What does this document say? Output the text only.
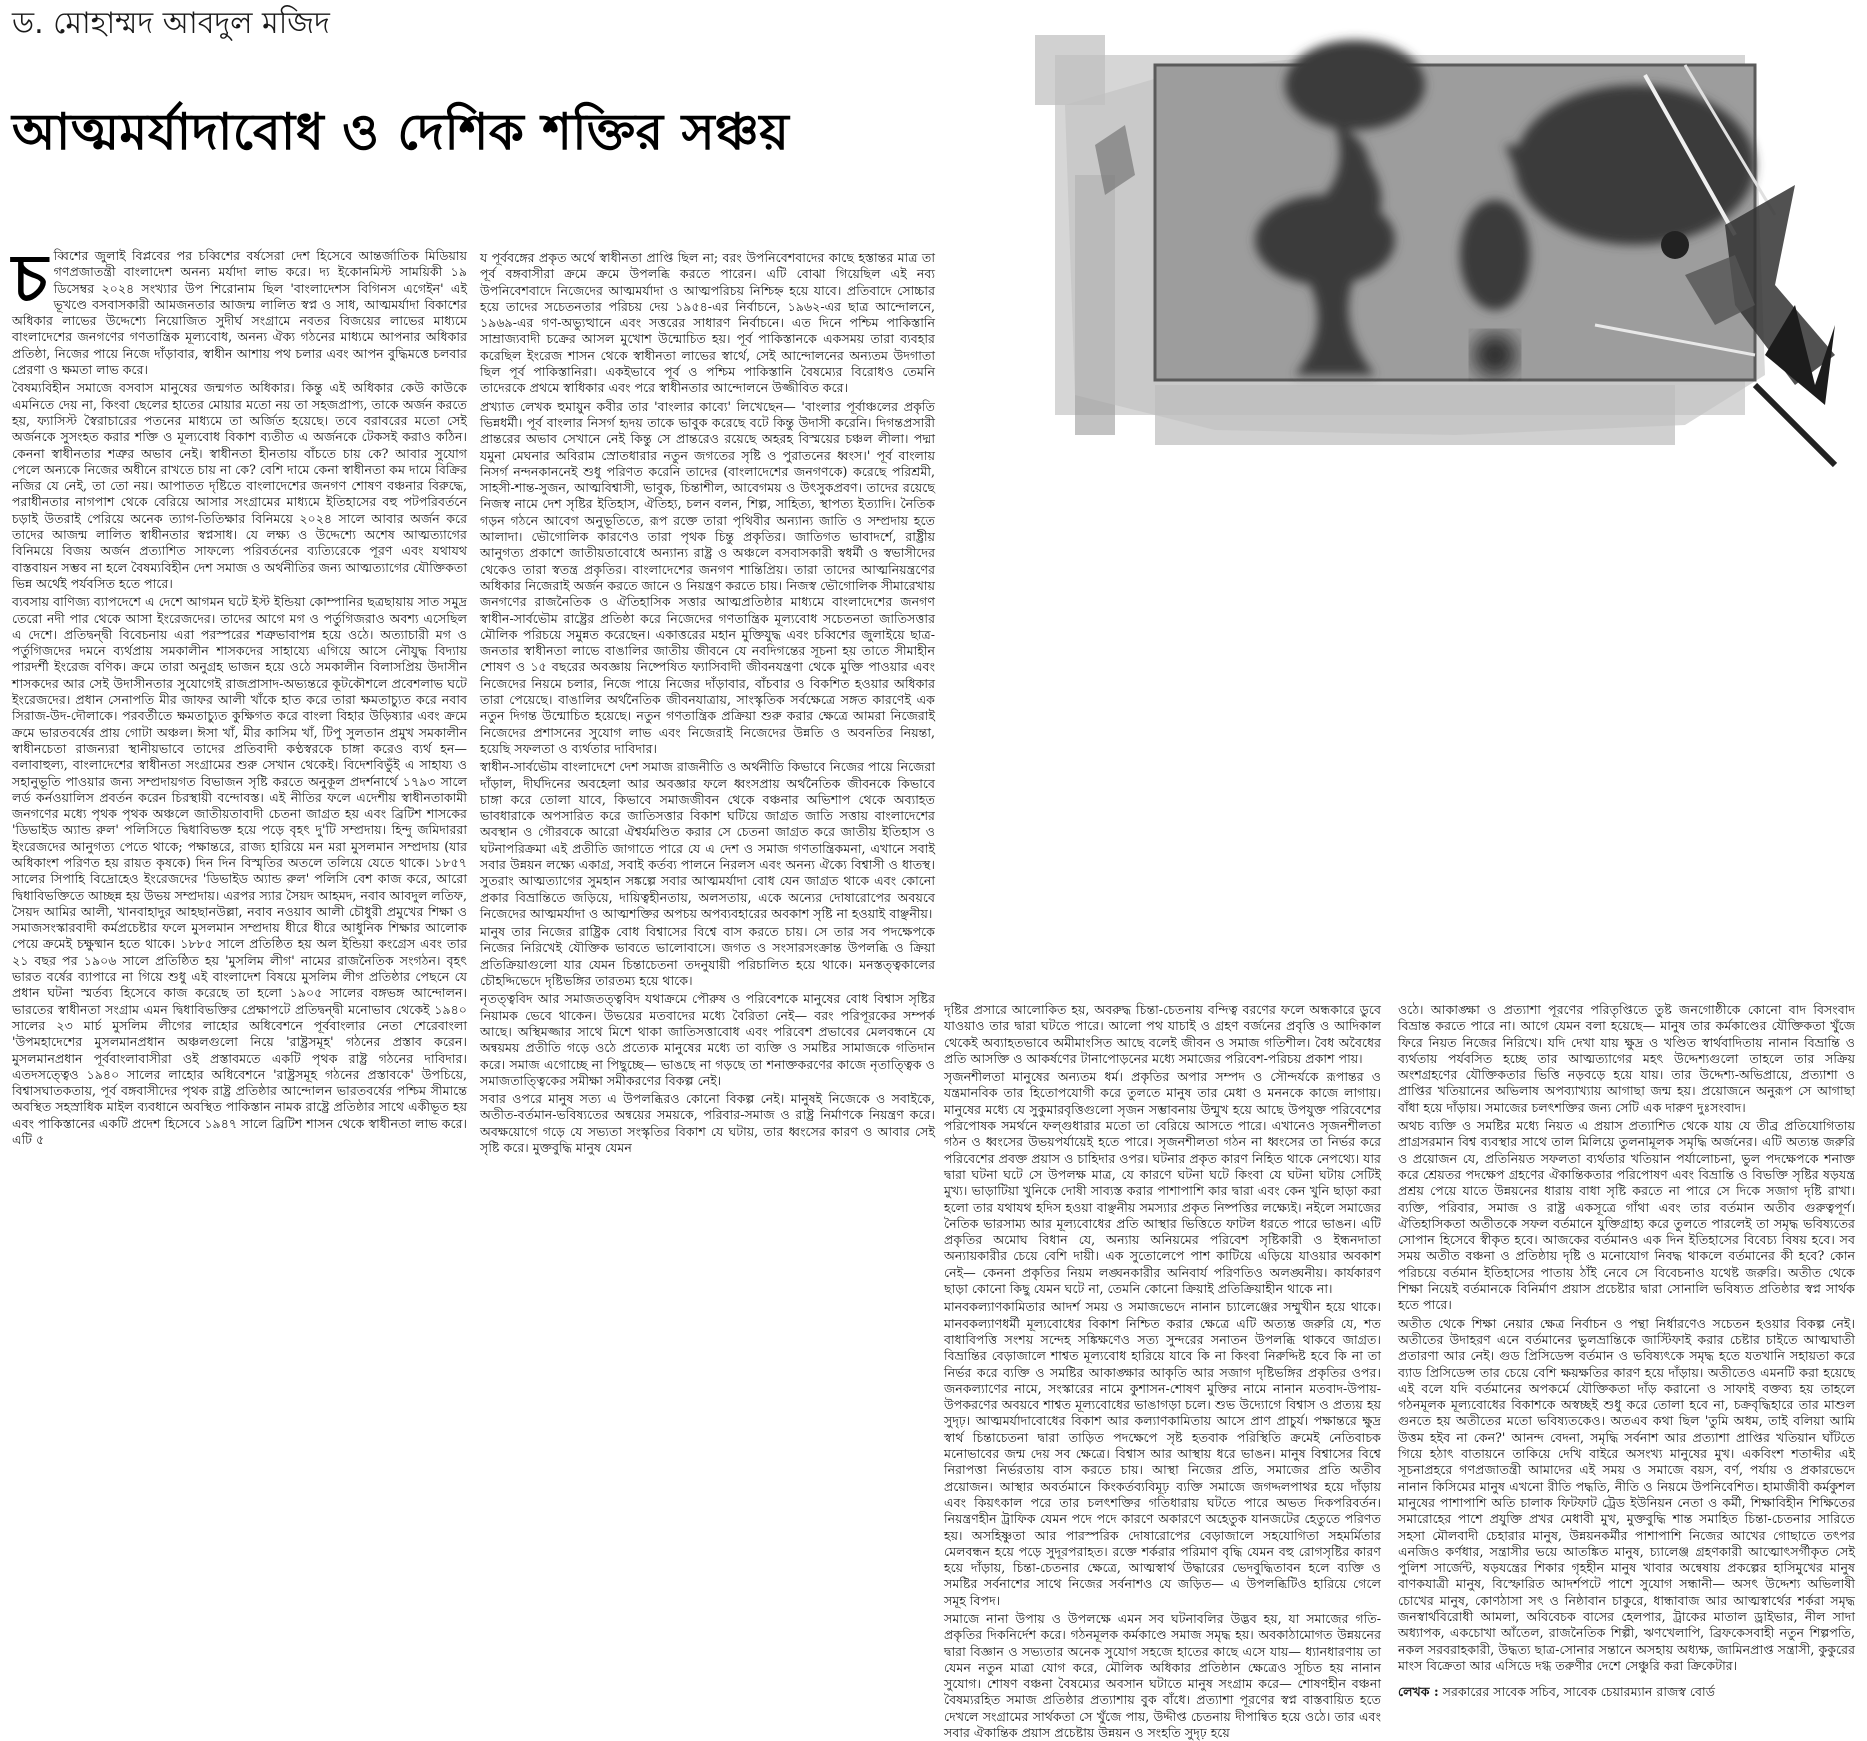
ড. মোহাম্মদ আবদুল মজিদ
আত্মমর্যাদাবোধ ও দেশিক শক্তির সঞ্চয়

চব্বিশের জুলাই বিপ্লবের পর চব্বিশের বর্ষসেরা দেশ হিসেবে আন্তর্জাতিক মিডিয়ায় গণপ্রজাতন্ত্রী বাংলাদেশ অনন্য মর্যাদা লাভ করে। দ্য ইকোনমিস্ট সাময়িকী ১৯ ডিসেম্বর ২০২৪ সংখ্যার উপ শিরোনাম ছিল 'বাংলাদেশস বিগিনস এগেইন' এই ভূখণ্ডে বসবাসকারী আমজনতার আজন্ম লালিত স্বপ্ন ও সাধ, আত্মমর্যাদা বিকাশের অধিকার লাভের উদ্দেশ্যে নিয়োজিত সুদীর্ঘ সংগ্রামে নবতর বিজয়ের লাভের মাধ্যমে বাংলাদেশের জনগণের গণতান্ত্রিক মূল্যবোধ, অনন্য ঐক্য গঠনের মাধ্যমে আপনার অধিকার প্রতিষ্ঠা, নিজের পায়ে নিজে দাঁড়াবার, স্বাধীন আশায় পথ চলার এবং আপন বুদ্ধিমত্তে চলবার প্রেরণা ও ক্ষমতা লাভ করে।

বৈষম্যবিহীন সমাজে বসবাস মানুষের জন্মগত অধিকার। কিন্তু এই অধিকার কেউ কাউকে এমনিতে দেয় না, কিংবা ছেলের হাতের মোয়ার মতো নয় তা সহজপ্রাপ্য, তাকে অর্জন করতে হয়, ফ্যাসিস্ট স্বৈরাচারের পতনের মাধ্যমে তা অর্জিত হয়েছে। তবে বরাবরের মতো সেই অর্জনকে সুসংহত করার শক্তি ও মূল্যবোধ বিকাশ ব্যতীত এ অর্জনকে টেকসই করাও কঠিন। কেননা স্বাধীনতার শত্রুর অভাব নেই। স্বাধীনতা হীনতায় বাঁচতে চায় কে? আবার সুযোগ পেলে অন্যকে নিজের অধীনে রাখতে চায় না কে? বেশি দামে কেনা স্বাধীনতা কম দামে বিক্রির নজির যে নেই, তা তো নয়। আপাতত দৃষ্টিতে বাংলাদেশের জনগণ শোষণ বঞ্চনার বিরুদ্ধে, পরাধীনতার নাগপাশ থেকে বেরিয়ে আসার সংগ্রামের মাধ্যমে ইতিহাসের বহু পটপরিবর্তনে চড়াই উতরাই পেরিয়ে অনেক ত্যাগ-তিতিক্ষার বিনিময়ে ২০২৪ সালে আবার অর্জন করে তাদের আজন্ম লালিত স্বাধীনতার স্বপ্নসাধ। যে লক্ষ্য ও উদ্দেশ্যে অশেষ আত্মত্যাগের বিনিময়ে বিজয় অর্জন প্রত্যাশিত সাফল্যে পরিবর্তনের ব্যত্যিরেকে পূরণ এবং যথাযথ বাস্তবায়ন সম্ভব না হলে বৈষম্যবিহীন দেশ সমাজ ও অর্থনীতির জন্য আত্মত্যাগের যৌক্তিকতা ভিন্ন অর্থেই পর্যবসিত হতে পারে।

ব্যবসায় বাণিজ্য ব্যাপদেশে এ দেশে আগমন ঘটে ইস্ট ইন্ডিয়া কোম্পানির ছত্রছায়ায় সাত সমুদ্র তেরো নদী পার থেকে আসা ইংরেজদের। তাদের আগে মগ ও পর্তুগিজরাও অবশ্য এসেছিল এ দেশে। প্রতিদ্বন্দ্বী বিবেচনায় এরা পরস্পরের শত্রুভাবাপন্ন হয়ে ওঠে। অত্যাচারী মগ ও পর্তুগিজদের দমনে ব্যর্থপ্রায় সমকালীন শাসকদের সাহায্যে এগিয়ে আসে নৌযুদ্ধ বিদ্যায় পারদর্শী ইংরেজ বণিক। ক্রমে তারা অনুগ্রহ ভাজন হয়ে ওঠে সমকালীন বিলাসপ্রিয় উদাসীন শাসকদের আর সেই উদাসীনতার সুযোগেই রাজপ্রাসাদ-অভ্যন্তরে কূটকৌশলে প্রবেশলাভ ঘটে ইংরেজদের। প্রধান সেনাপতি মীর জাফর আলী খাঁকে হাত করে তারা ক্ষমতাচ্যুত করে নবাব সিরাজ-উদ-দৌলাকে। পরবর্তীতে ক্ষমতাচ্যুত কুক্ষিগত করে বাংলা বিহার উড়িষ্যার এবং ক্রমে ক্রমে ভারতবর্ষের প্রায় গোটা অঞ্চল। ঈসা খাঁ, মীর কাসিম খাঁ, টিপু সুলতান প্রমুখ সমকালীন স্বাধীনচেতা রাজন্যরা স্থানীয়ভাবে তাদের প্রতিবাদী কণ্ঠস্বরকে চাঙ্গা করেও ব্যর্থ হন— বলাবাহুল্য, বাংলাদেশের স্বাধীনতা সংগ্রামের শুরু সেখান থেকেই। বিদেশবিভুঁই এ সাহায্য ও সহানুভূতি পাওয়ার জন্য সম্প্রদায়গত বিভাজন সৃষ্টি করতে অনুকূল প্রদর্শনার্থে ১৭৯৩ সালে লর্ড কর্নওয়ালিস প্রবর্তন করেন চিরস্থায়ী বন্দোবস্ত। এই নীতির ফলে এদেশীয় স্বাধীনতাকামী জনগণের মধ্যে পৃথক পৃথক অঞ্চলে জাতীয়তাবাদী চেতনা জাগ্রত হয় এবং ব্রিটিশ শাসকের 'ডিভাইড অ্যান্ড রুল' পলিসিতে দ্বিধাবিভক্ত হয়ে পড়ে বৃহৎ দু'টি সম্প্রদায়। হিন্দু জমিদাররা ইংরেজদের আনুগত্য পেতে থাকে; পক্ষান্তরে, রাজ্য হারিয়ে মন মরা মুসলমান সম্প্রদায় (যার অধিকাংশ পরিণত হয় রায়ত কৃষকে) দিন দিন বিস্মৃতির অতলে তলিয়ে যেতে থাকে। ১৮৫৭ সালের সিপাহি বিদ্রোহেও ইংরেজদের 'ডিভাইড অ্যান্ড রুল' পলিসি বেশ কাজ করে, আরো দ্বিধাবিভক্তিতে আচ্ছন্ন হয় উভয় সম্প্রদায়। এরপর স্যার সৈয়দ আহমদ, নবাব আবদুল লতিফ, সৈয়দ আমির আলী, খানবাহাদুর আহছানউল্লা, নবাব নওয়াব আলী চৌধুরী প্রমুখের শিক্ষা ও সমাজসংস্কারবাদী কর্মপ্রচেষ্টার ফলে মুসলমান সম্প্রদায় ধীরে ধীরে আধুনিক শিক্ষার আলোক পেয়ে ক্রমেই চক্ষুষ্মান হতে থাকে। ১৮৮৫ সালে প্রতিষ্ঠিত হয় অল ইন্ডিয়া কংগ্রেস এবং তার ২১ বছর পর ১৯০৬ সালে প্রতিষ্ঠিত হয় 'মুসলিম লীগ' নামের রাজনৈতিক সংগঠন। বৃহৎ ভারত বর্ষের ব্যাপারে না গিয়ে শুধু এই বাংলাদেশ বিষয়ে মুসলিম লীগ প্রতিষ্ঠার পেছনে যে প্রধান ঘটনা স্মর্তব্য হিসেবে কাজ করেছে তা হলো ১৯০৫ সালের বঙ্গভঙ্গ আন্দোলন। ভারতের স্বাধীনতা সংগ্রাম এমন দ্বিধাবিভক্তির প্রেক্ষাপটে প্রতিদ্বন্দ্বী মনোভাব থেকেই ১৯৪০ সালের ২৩ মার্চ মুসলিম লীগের লাহোর অধিবেশনে পূর্ববাংলার নেতা শেরেবাংলা 'উপমহাদেশের মুসলমানপ্রধান অঞ্চলগুলো নিয়ে 'রাষ্ট্রসমূহ' গঠনের প্রস্তাব করেন। মুসলমানপ্রধান পূর্ববাংলাবাসীরা ওই প্রস্তাবমতে একটি পৃথক রাষ্ট্র গঠনের দাবিদার। এতদসত্ত্বেও ১৯৪০ সালের লাহোর অধিবেশনে 'রাষ্ট্রসমূহ গঠনের প্রস্তাবকে' উপচিয়ে, বিশ্বাসঘাতকতায়, পূর্ব বঙ্গবাসীদের পৃথক রাষ্ট্র প্রতিষ্ঠার আন্দোলন ভারতবর্ষের পশ্চিম সীমান্তে অবস্থিত সহস্রাধিক মাইল ব্যবধানে অবস্থিত পাকিস্তান নামক রাষ্ট্রে প্রতিষ্ঠার সাথে একীভূত হয় এবং পাকিস্তানের একটি প্রদেশ হিসেবে ১৯৪৭ সালে ব্রিটিশ শাসন থেকে স্বাধীনতা লাভ করে। এটি ৫

য পূর্ববঙ্গের প্রকৃত অর্থে স্বাধীনতা প্রাপ্তি ছিল না; বরং উপনিবেশবাদের কাছে হস্তান্তর মাত্র তা পূর্ব বঙ্গবাসীরা ক্রমে ক্রমে উপলব্ধি করতে পারেন। এটি বোঝা গিয়েছিল এই নব্য উপনিবেশবাদে নিজেদের আত্মমর্যাদা ও আত্মপরিচয় নিশ্চিহ্ন হয়ে যাবে। প্রতিবাদে সোচ্চার হয়ে তাদের সচেতনতার পরিচয় দেয় ১৯৫৪-এর নির্বাচনে, ১৯৬২-এর ছাত্র আন্দোলনে, ১৯৬৯-এর গণ-অভ্যুত্থানে এবং সত্তরের সাধারণ নির্বাচনে। এত দিনে পশ্চিম পাকিস্তানি সাম্রাজ্যবাদী চক্রের আসল মুখোশ উন্মোচিত হয়। পূর্ব পাকিস্তানকে একসময় তারা ব্যবহার করেছিল ইংরেজ শাসন থেকে স্বাধীনতা লাভের স্বার্থে, সেই আন্দোলনের অন্যতম উদগাতা ছিল পূর্ব পাকিস্তানিরা। একইভাবে পূর্ব ও পশ্চিম পাকিস্তানি বৈষম্যের বিরোধও তেমনি তাদেরকে প্রথমে স্বাধিকার এবং পরে স্বাধীনতার আন্দোলনে উজ্জীবিত করে।

প্রখ্যাত লেখক হুমায়ুন কবীর তার 'বাংলার কাব্যে' লিখেছেন— 'বাংলার পূর্বাঞ্চলের প্রকৃতি ভিন্নধর্মী। পূর্ব বাংলার নিসর্গ হৃদয় তাকে ভাবুক করেছে বটে কিন্তু উদাসী করেনি। দিগন্তপ্রসারী প্রান্তরের অভাব সেখানে নেই কিন্তু সে প্রান্তরেও রয়েছে অহরহ বিস্ময়ের চঞ্চল লীলা। পদ্মা যমুনা মেঘনার অবিরাম স্রোতধারার নতুন জগতের সৃষ্টি ও পুরাতনের ধ্বংস।' পূর্ব বাংলায় নিসর্গ নন্দনকাননেই শুধু পরিণত করেনি তাদের (বাংলাদেশের জনগণকে) করেছে পরিশ্রমী, সাহসী-শান্ত-সুজন, আত্মবিশ্বাসী, ভাবুক, চিন্তাশীল, আবেগময় ও উৎসুকপ্রবণ। তাদের রয়েছে নিজস্ব নামে দেশ সৃষ্টির ইতিহাস, ঐতিহ্য, চলন বলন, শিল্প, সাহিত্য, স্থাপত্য ইত্যাদি। নৈতিক গড়ন গঠনে আবেগ অনুভূতিতে, রূপ রক্তে তারা পৃথিবীর অন্যান্য জাতি ও সম্প্রদায় হতে আলাদা। ভৌগোলিক কারণেও তারা পৃথক চিন্তু প্রকৃতির। জাতিগত ভাবাদর্শে, রাষ্ট্রীয় আনুগত্য প্রকাশে জাতীয়তাবোধে অন্যান্য রাষ্ট্র ও অঞ্চলে বসবাসকারী স্বধর্মী ও স্বভাসীদের থেকেও তারা স্বতন্ত্র প্রকৃতির। বাংলাদেশের জনগণ শান্তিপ্রিয়। তারা তাদের আত্মনিয়ন্ত্রণের অধিকার নিজেরাই অর্জন করতে জানে ও নিয়ন্ত্রণ করতে চায়। নিজস্ব ভৌগোলিক সীমারেখায় জনগণের রাজনৈতিক ও ঐতিহাসিক সত্তার আত্মপ্রতিষ্ঠার মাধ্যমে বাংলাদেশের জনগণ স্বাধীন-সার্বভৌম রাষ্ট্রের প্রতিষ্ঠা করে নিজেদের গণতান্ত্রিক মূল্যবোধ সচেতনতা জাতিসত্তার মৌলিক পরিচয়ে সমুন্নত করেছেন। একাত্তরের মহান মুক্তিযুদ্ধ এবং চব্বিশের জুলাইয়ে ছাত্র-জনতার স্বাধীনতা লাভে বাঙালির জাতীয় জীবনে যে নবদিগন্তের সূচনা হয় তাতে সীমাহীন শোষণ ও ১৫ বছরের অবজ্ঞায় নিষ্পেষিত ফ্যাসিবাদী জীবনযন্ত্রণা থেকে মুক্তি পাওয়ার এবং নিজেদের নিয়মে চলার, নিজে পায়ে নিজের দাঁড়াবার, বাঁচবার ও বিকশিত হওয়ার অধিকার তারা পেয়েছে। বাঙালির অর্থনৈতিক জীবনযাত্রায়, সাংস্কৃতিক সর্বক্ষেত্রে সঙ্গত কারণেই এক নতুন দিগন্ত উন্মোচিত হয়েছে। নতুন গণতান্ত্রিক প্রক্রিয়া শুরু করার ক্ষেত্রে আমরা নিজেরাই নিজেদের প্রশাসনের সুযোগ লাভ এবং নিজেরাই নিজেদের উন্নতি ও অবনতির নিয়ন্তা, হয়েছি সফলতা ও ব্যর্থতার দাবিদার।

স্বাধীন-সার্বভৌম বাংলাদেশে দেশ সমাজ রাজনীতি ও অর্থনীতি কিভাবে নিজের পায়ে নিজেরা দাঁড়াল, দীর্ঘদিনের অবহেলা আর অবজ্ঞার ফলে ধ্বংসপ্রায় অর্থনৈতিক জীবনকে কিভাবে চাঙ্গা করে তোলা যাবে, কিভাবে সমাজজীবন থেকে বঞ্চনার অভিশাপ থেকে অব্যাহত ভাবধারাকে অপসারিত করে জাতিসত্তার বিকাশ ঘটিয়ে জাগ্রত জাতি সত্তায় বাংলাদেশের অবস্থান ও গৌরবকে আরো ঐশ্বর্যমণ্ডিত করার সে চেতনা জাগ্রত করে জাতীয় ইতিহাস ও ঘটনাপরিক্রমা এই প্রতীতি জাগাতে পারে যে এ দেশ ও সমাজ গণতান্ত্রিকমনা, এখানে সবাই সবার উন্নয়ন লক্ষ্যে একাগ্র, সবাই কর্তব্য পালনে নিরলস এবং অনন্য ঐক্যে বিশ্বাসী ও ধাতস্থ। সুতরাং আত্মত্যাগের সুমহান সঙ্কল্পে সবার আত্মমর্যাদা বোধ যেন জাগ্রত থাকে এবং কোনো প্রকার বিভ্রান্তিতে জড়িয়ে, দায়িত্বহীনতায়, অলসতায়, একে অন্যের দোষারোপের অবয়বে নিজেদের আত্মমর্যাদা ও আত্মশক্তির অপচয় অপব্যবহারের অবকাশ সৃষ্টি না হওয়াই বাঞ্ছনীয়।

মানুষ তার নিজের রাষ্ট্রিক বোধ বিশ্বাসের বিশ্বে বাস করতে চায়। সে তার সব পদক্ষেপকে নিজের নিরিখেই যৌক্তিক ভাবতে ভালোবাসে। জগত ও সংসারসংক্রান্ত উপলব্ধি ও ক্রিয়া প্রতিক্রিয়াগুলো যার যেমন চিন্তাচেতনা তদনুযায়ী পরিচালিত হয়ে থাকে। মনস্তত্ত্বকালের চৌহদ্দিভেদে দৃষ্টিভঙ্গির তারতম্য হয়ে থাকে।

নৃতত্ত্ববিদ আর সমাজতত্ত্ববিদ যথাক্রমে পৌরুষ ও পরিবেশকে মানুষের বোধ বিশ্বাস সৃষ্টির নিয়ামক ভেবে থাকেন। উভয়ের মতবাদের মধ্যে বৈরিতা নেই— বরং পরিপূরকের সম্পর্ক আছে। অস্থিমজ্জার সাথে মিশে থাকা জাতিসত্তাবোধ এবং পরিবেশ প্রভাবের মেলবন্ধনে যে অন্বয়ময় প্রতীতি গড়ে ওঠে প্রত্যেক মানুষের মধ্যে তা ব্যক্তি ও সমষ্টির সামাজকে গতিদান করে। সমাজ এগোচ্ছে না পিছুচ্ছে— ভাঙছে না গড়ছে তা শনাক্তকরণের কাজে নৃতাত্ত্বিক ও সমাজতাত্ত্বিকের সমীক্ষা সমীকরণের বিকল্প নেই।

সবার ওপরে মানুষ সত্য এ উপলব্ধিরও কোনো বিকল্প নেই। মানুষই নিজেকে ও সবাইকে, অতীত-বর্তমান-ভবিষ্যতের অন্বয়ের সময়কে, পরিবার-সমাজ ও রাষ্ট্র নির্মাণকে নিয়ন্ত্রণ করে। অবক্ষয়োগে গড়ে যে সভ্যতা সংস্কৃতির বিকাশ যে ঘটায়, তার ধ্বংসের কারণ ও আবার সেই সৃষ্টি করে। মুক্তবুদ্ধি মানুষ যেমন

দৃষ্টির প্রসারে আলোকিত হয়, অবরুদ্ধ চিন্তা-চেতনায় বন্দিত্ব বরণের ফলে অন্ধকারে ডুবে যাওয়াও তার দ্বারা ঘটতে পারে। আলো পথ যাচাই ও গ্রহণ বর্জনের প্রবৃত্তি ও আদিকাল থেকেই অব্যাহতভাবে অমীমাংসিত আছে বলেই জীবন ও সমাজ গতিশীল। বৈধ অবৈধের প্রতি আসক্তি ও আকর্ষণের টানাপোড়নের মধ্যে সমাজের পরিবেশ-পরিচয় প্রকাশ পায়।

সৃজনশীলতা মানুষের অন্যতম ধর্ম। প্রকৃতির অপার সম্পদ ও সৌন্দর্যকে রূপান্তর ও যন্ত্রমানবিক তার হিতোপযোগী করে তুলতে মানুষ তার মেধা ও মননকে কাজে লাগায়। মানুষের মধ্যে যে সুকুমারবৃত্তিগুলো সৃজন সম্ভাবনায় উন্মুখ হয়ে আছে উপযুক্ত পরিবেশের পরিপোষক সমর্থনে ফল্গুধারার মতো তা বেরিয়ে আসতে পারে। এখানেও সৃজনশীলতা গঠন ও ধ্বংসের উভয়পর্যায়েই হতে পারে। সৃজনশীলতা গঠন না ধ্বংসের তা নির্ভর করে পরিবেশের প্রবক্ত প্রয়াস ও চাহিদার ওপর। ঘটনার প্রকৃত কারণ নিহিত থাকে নেপথ্যে। যার দ্বারা ঘটনা ঘটে সে উপলক্ষ মাত্র, যে কারণে ঘটনা ঘটে কিংবা যে ঘটনা ঘটায় সেটিই মুখ্য। ভাড়াটিয়া খুনিকে দোষী সাব্যস্ত করার পাশাপাশি কার দ্বারা এবং কেন খুনি ছাড়া করা হলো তার যথাযথ হদিস হওয়া বাঞ্ছনীয় সমস্যার প্রকৃত নিষ্পত্তির লক্ষ্যেই। নইলে সমাজের নৈতিক ভারসাম্য আর মূল্যবোধের প্রতি আস্থার ভিত্তিতে ফাটল ধরতে পারে ভাঙন। এটি প্রকৃতির অমোঘ বিধান যে, অন্যায় অনিয়মের পরিবেশ সৃষ্টিকারী ও ইন্ধনদাতা অন্যায়কারীর চেয়ে বেশি দায়ী। এক সুতোলেপে পাশ কাটিয়ে এড়িয়ে যাওয়ার অবকাশ নেই— কেননা প্রকৃতির নিয়ম লঙ্ঘনকারীর অনিবার্য পরিণতিও অলঙ্ঘনীয়। কার্যকারণ ছাড়া কোনো কিছু যেমন ঘটে না, তেমনি কোনো ক্রিয়াই প্রতিক্রিয়াহীন থাকে না।

মানবকল্যাণকামিতার আদর্শ সময় ও সমাজভেদে নানান চ্যালেঞ্জের সম্মুখীন হয়ে থাকে। মানবকল্যাণধর্মী মূল্যবোধের বিকাশ নিশ্চিত করার ক্ষেত্রে এটি অত্যন্ত জরুরি যে, শত বাধাবিপত্তি সংশয় সন্দেহ সঙ্কিক্ষণেও সত্য সুন্দরের সনাতন উপলব্ধি থাকবে জাগ্রত। বিভ্রান্তির বেড়াজালে শাশ্বত মূল্যবোধ হারিয়ে যাবে কি না কিংবা নিরুদ্দিষ্ট হবে কি না তা নির্ভর করে ব্যক্তি ও সমষ্টির আকাঙ্ক্ষার আকৃতি আর সজাগ দৃষ্টিভঙ্গির প্রকৃতির ওপর। জনকল্যাণের নামে, সংস্কারের নামে কুশাসন-শোষণ মুক্তির নামে নানান মতবাদ-উপায়-উপকরণের অবয়বে শাশ্বত মূল্যবোধের ভাঙাগড়া চলে। শুভ উদ্যোগে বিশ্বাস ও প্রত্যয় হয় সুদৃঢ়। আত্মমর্যাদাবোধের বিকাশ আর কল্যাণকামিতায় আসে প্রাণ প্রাচুর্য। পক্ষান্তরে ক্ষুদ্র স্বার্থ চিন্তাচেতনা দ্বারা তাড়িত পদক্ষেপে সৃষ্ট হতবাক পরিস্থিতি ক্রমেই নেতিবাচক মনোভাবের জন্ম দেয় সব ক্ষেত্রে। বিশ্বাস আর আস্থায় ধরে ভাঙন। মানুষ বিশ্বাসের বিশ্বে নিরাপত্তা নির্ভরতায় বাস করতে চায়। আস্থা নিজের প্রতি, সমাজের প্রতি অতীব প্রয়োজন। আস্থার অবর্তমানে কিংকর্তব্যবিমূঢ় ব্যক্তি সমাজে জগদ্দলপাথর হয়ে দাঁড়ায় এবং কিয়ৎকাল পরে তার চলৎশক্তির গতিধারায় ঘটতে পারে অভত দিকপরিবর্তন। নিয়ন্ত্রণহীন ট্রাফিক যেমন পদে পদে কারণে অকারণে অহেতুক যানজটের হেতুতে পরিণত হয়। অসহিষ্ণুতা আর পারস্পরিক দোষারোপের বেড়াজালে সহযোগিতা সহমর্মিতার মেলবন্ধন হয়ে পড়ে সুদূরপরাহত। রক্তে শর্করার পরিমাণ বৃদ্ধি যেমন বহু রোগসৃষ্টির কারণ হয়ে দাঁড়ায়, চিন্তা-চেতনার ক্ষেত্রে, আত্মস্বার্থ উদ্ধারের ভেদবুদ্ধিতাবন হলে ব্যক্তি ও সমষ্টির সর্বনাশের সাথে নিজের সর্বনাশও যে জড়িত— এ উপলব্ধিটিও হারিয়ে গেলে সমূহ বিপদ।

সমাজে নানা উপায় ও উপলক্ষে এমন সব ঘটনাবলির উদ্ভব হয়, যা সমাজের গতি-প্রকৃতির দিকনির্দেশ করে। গঠনমূলক কর্মকাণ্ডে সমাজ সমৃদ্ধ হয়। অবকাঠামোগত উন্নয়নের দ্বারা বিজ্ঞান ও সভ্যতার অনেক সুযোগ সহজে হাতের কাছে এসে যায়— ধ্যানধারণায় তা যেমন নতুন মাত্রা যোগ করে, মৌলিক অধিকার প্রতিষ্ঠান ক্ষেত্রেও সূচিত হয় নানান সুযোগ। শোষণ বঞ্চনা বৈষম্যের অবসান ঘটাতে মানুষ সংগ্রাম করে— শোষণহীন বঞ্চনা বৈষম্যরহিত সমাজ প্রতিষ্ঠার প্রত্যাশায় বুক বাঁধে। প্রত্যাশা পূরণের স্বপ্ন বাস্তবায়িত হতে দেখলে সংগ্রামের সার্থকতা সে খুঁজে পায়, উদ্দীপ্ত চেতনায় দীপান্বিত হয়ে ওঠে। তার এবং সবার ঐকান্তিক প্রয়াস প্রচেষ্টায় উন্নয়ন ও সংহতি সুদৃঢ় হয়ে

ওঠে। আকাঙ্ক্ষা ও প্রত্যাশা পূরণের পরিতৃপ্তিতে তুষ্ট জনগোষ্ঠীকে কোনো বাদ বিসংবাদ বিভ্রান্ত করতে পারে না। আগে যেমন বলা হয়েছে— মানুষ তার কর্মকাণ্ডের যৌক্তিকতা খুঁজে ফিরে নিয়ত নিজের নিরিখে। যদি দেখা যায় ক্ষুদ্র ও খণ্ডিত স্বার্থবাদিতায় নানান বিভ্রান্তি ও ব্যর্থতায় পর্যবসিত হচ্ছে তার আত্মত্যাগের মহৎ উদ্দেশ্যগুলো তাহলে তার সক্রিয় অংশগ্রহণের যৌক্তিকতার ভিত্তি নড়বড়ে হয়ে যায়। তার উদ্দেশ্য-অভিপ্রায়ে, প্রত্যাশা ও প্রাপ্তির খতিয়ানের অভিলাষ অপব্যাখ্যায় আগাছা জন্ম হয়। প্রয়োজনে অনুরূপ সে আগাছা বাঁধা হয়ে দাঁড়ায়। সমাজের চলৎশক্তির জন্য সেটি এক দারুণ দুঃসংবাদ।

অথচ ব্যক্তি ও সমষ্টির মধ্যে নিয়ত এ প্রয়াস প্রত্যাশিত থেকে যায় যে তীব্র প্রতিযোগিতায় প্রাগ্রসরমান বিশ্ব ব্যবস্থার সাথে তাল মিলিয়ে তুলনামূলক সমৃদ্ধি অর্জনের। এটি অত্যন্ত জরুরি ও প্রয়োজন যে, প্রতিনিয়ত সফলতা ব্যর্থতার খতিয়ান পর্যালোচনা, ভুল পদক্ষেপকে শনাক্ত করে শ্রেয়তর পদক্ষেপ গ্রহণের ঐকান্তিকতার পরিপোষণ এবং বিভ্রান্তি ও বিভক্তি সৃষ্টির ষড়যন্ত্র প্রশ্রয় পেয়ে যাতে উন্নয়নের ধারায় বাধা সৃষ্টি করতে না পারে সে দিকে সজাগ দৃষ্টি রাখা। ব্যক্তি, পরিবার, সমাজ ও রাষ্ট্র একসূত্রে গাঁথা এবং তার বর্তমান অতীব গুরুত্বপূর্ণ। ঐতিহাসিকতা অতীতকে সফল বর্তমানে যুক্তিগ্রাহ্য করে তুলতে পারলেই তা সমৃদ্ধ ভবিষ্যতের সোপান হিসেবে স্বীকৃত হবে। আজকের বর্তমানও এক দিন ইতিহাসের বিবেচ্য বিষয় হবে। সব সময় অতীত বঞ্চনা ও প্রতিষ্ঠায় দৃষ্টি ও মনোযোগ নিবদ্ধ থাকলে বর্তমানের কী হবে? কোন পরিচয়ে বর্তমান ইতিহাসের পাতায় ঠাঁই নেবে সে বিবেচনাও যথেষ্ট জরুরি। অতীত থেকে শিক্ষা নিয়েই বর্তমানকে বিনির্মাণ প্রয়াস প্রচেষ্টার দ্বারা সোনালি ভবিষ্যত প্রতিষ্ঠার স্বপ্ন সার্থক হতে পারে।

অতীত থেকে শিক্ষা নেয়ার ক্ষেত্র নির্বাচন ও পন্থা নির্ধারণেও সচেতন হওয়ার বিকল্প নেই। অতীতের উদাহরণ এনে বর্তমানের ভুলভ্রান্তিকে জাস্টিফাই করার চেষ্টার চাইতে আত্মঘাতী প্রতারণা আর নেই। গুড প্রিসিডেন্স বর্তমান ও ভবিষ্যৎকে সমৃদ্ধ হতে যতখানি সহায়তা করে ব্যাড প্রিসিডেন্স তার চেয়ে বেশি ক্ষয়ক্ষতির কারণ হয়ে দাঁড়ায়। অতীতেও এমনটি করা হয়েছে এই বলে যদি বর্তমানের অপকর্মে যৌক্তিকতা দাঁড় করানো ও সাফাই বক্তব্য হয় তাহলে গঠনমূলক মূল্যবোধের বিকাশকে অস্বচ্ছই শুধু করে তোলা হবে না, চক্রবৃদ্ধিহারে তার মাশুল গুনতে হয় অতীতের মতো ভবিষ্যতকেও। অতএব কথা ছিল 'তুমি অধম, তাই বলিয়া আমি উত্তম হইব না কেন?' আনন্দ বেদনা, সমৃদ্ধি সর্বনাশ আর প্রত্যাশা প্রাপ্তির খতিয়ান ঘাঁটতে গিয়ে হঠাৎ বাতায়নে তাকিয়ে দেখি বাইরে অসংখ্য মানুষের মুখ। একবিংশ শতাব্দীর এই সূচনাপ্রহরে গণপ্রজাতন্ত্রী আমাদের এই সময় ও সমাজে বয়স, বর্ণ, পর্যায় ও প্রকারভেদে নানান কিসিমের মানুষ এখনো রীতি পদ্ধতি, নীতি ও নিয়মে উপনিবেশিত। হামাজীবী কর্মকুশল মানুষের পাশাপাশি অতি চালাক ফিটফাট ট্রেড ইউনিয়ন নেতা ও কর্মী, শিক্ষাবিহীন শিক্ষিতের সমারোহের পাশে প্রযুক্তি প্রখর মেধাবী মুখ, মুক্তবুদ্ধি শান্ত সমাহিত চিন্তা-চেতনার সারিতে সহসা মৌলবাদী চেহারার মানুষ, উন্নয়নকর্মীর পাশাপাশি নিজের আখের গোছাতে তৎপর এনজিও কর্ণধার, সন্ত্রাসীর ভয়ে আতঙ্কিত মানুষ, চ্যালেঞ্জ গ্রহণকারী আত্মোৎসর্গীকৃত সেই পুলিশ সার্জেন্ট, ষড়যন্ত্রের শিকার গৃহহীন মানুষ খাবার অন্বেষায় প্রকল্পের হাসিমুখের মানুষ বাণকযাত্রী মানুষ, বিস্ফোরিত আদর্শপটে পাশে সুযোগ সন্ধানী— অসৎ উদ্দেশ্য অভিলাষী চোখের মানুষ, কোণঠাসা সৎ ও নিষ্ঠাবান চাকুরে, ধান্ধাবাজ আর আত্মস্বার্থের শর্করা সমৃদ্ধ জনস্বার্থবিরোধী আমলা, অবিবেচক বাসের হেলপার, ট্রাকের মাতাল ড্রাইভার, নীল সাদা অধ্যাপক, একচোখা আঁতেল, রাজনৈতিক শিল্পী, ঋণখেলাপি, ব্রিফকেসবাহী নতুন শিল্পপতি, নকল সরবরাহকারী, উদ্ধত্য ছাত্র-সোনার সন্তানে অসহায় অধ্যক্ষ, জামিনপ্রাপ্ত সন্ত্রাসী, কুকুরের মাংস বিক্রেতা আর এসিডে দগ্ধ তরুণীর দেশে সেঞ্চুরি করা ক্রিকেটার।

লেখক : সরকারের সাবেক সচিব, সাবেক চেয়ারম্যান রাজস্ব বোর্ড
